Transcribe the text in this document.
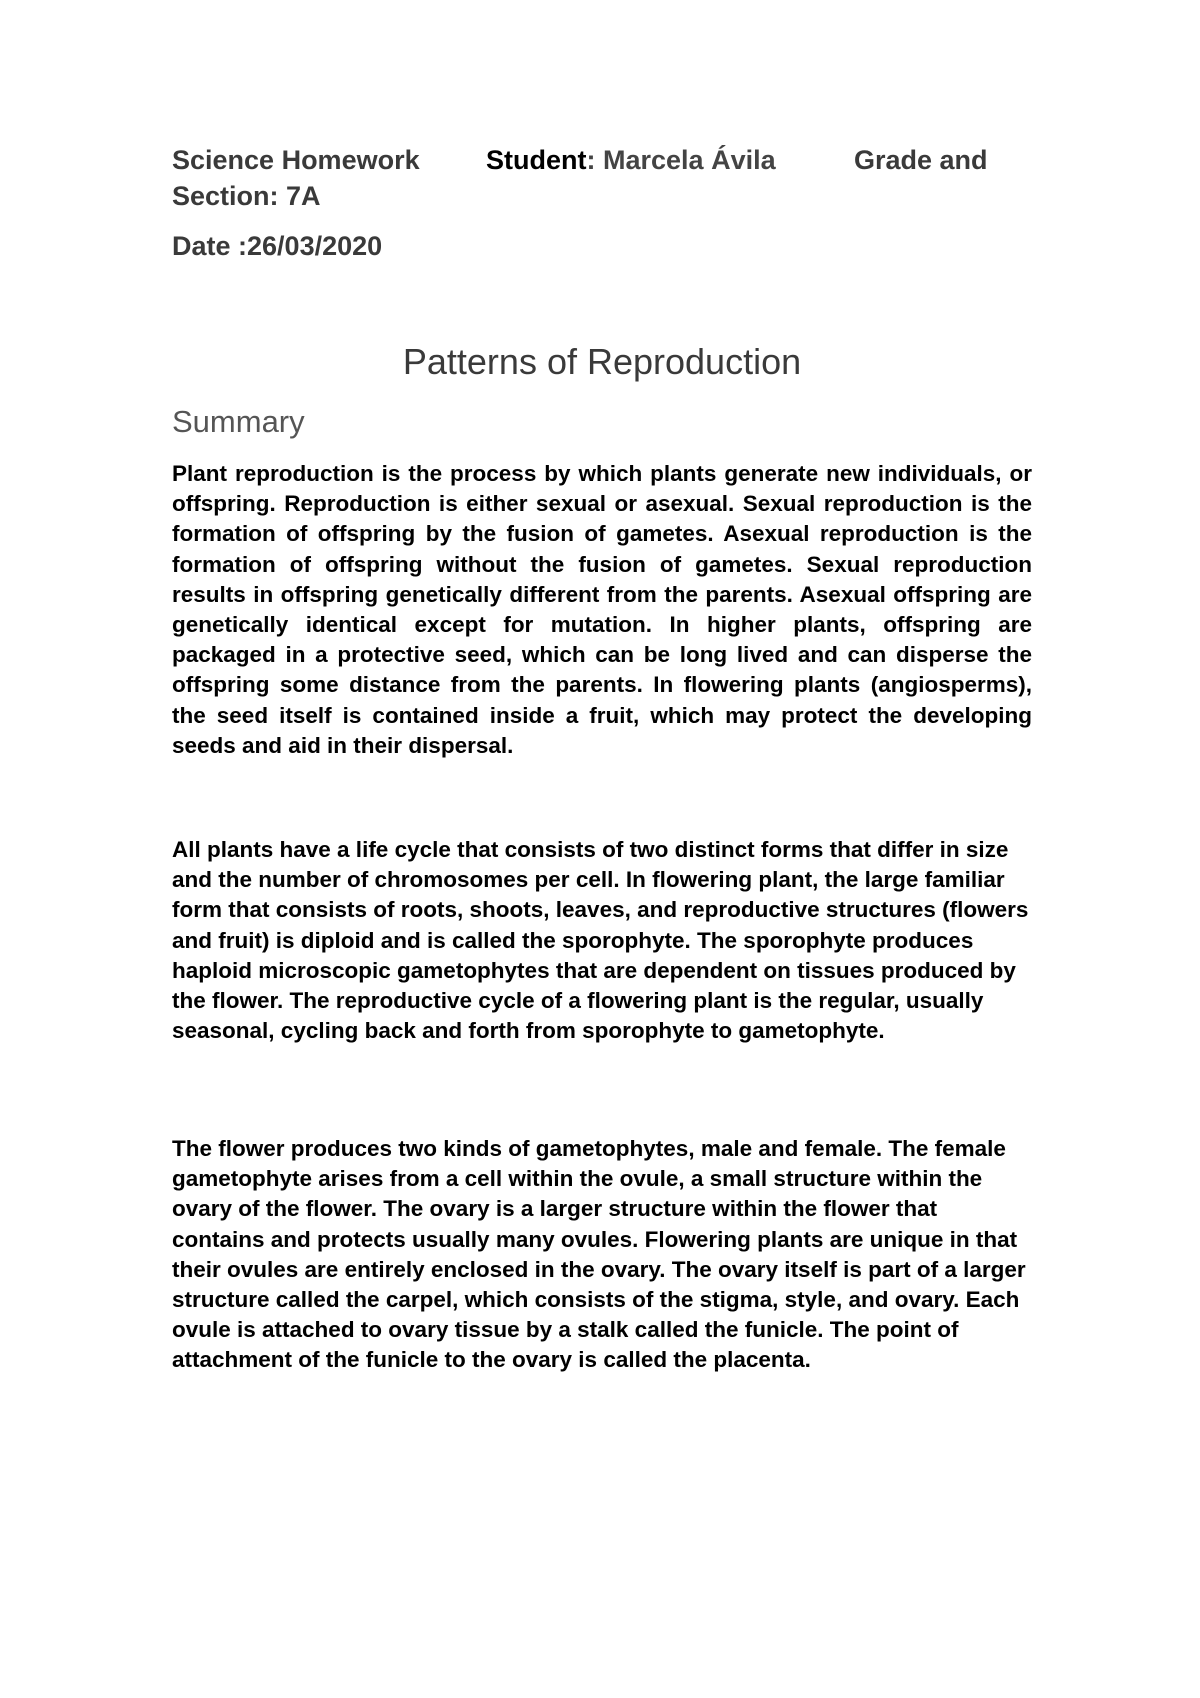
Science Homework Student: Marcela Ávila	Grade and
Section: 7A
Date :26/03/2020
Patterns of Reproduction
Summary

Plant reproduction is the process by which plants generate new individuals, or offspring. Reproduction is either sexual or asexual. Sexual reproduction is the formation of offspring by the fusion of gametes. Asexual reproduction is the formation of offspring without the fusion of gametes. Sexual reproduction results in offspring genetically different from the parents. Asexual offspring are genetically identical except for mutation. In higher plants, offspring are packaged in a protective seed, which can be long lived and can disperse the offspring some distance from the parents. In flowering plants (angiosperms), the seed itself is contained inside a fruit, which may protect the developing seeds and aid in their dispersal.

All plants have a life cycle that consists of two distinct forms that differ in size and the number of chromosomes per cell. In flowering plant, the large familiar form that consists of roots, shoots, leaves, and reproductive structures (flowers and fruit) is diploid and is called the sporophyte. The sporophyte produces haploid microscopic gametophytes that are dependent on tissues produced by the flower. The reproductive cycle of a flowering plant is the regular, usually seasonal, cycling back and forth from sporophyte to gametophyte.

The flower produces two kinds of gametophytes, male and female. The female gametophyte arises from a cell within the ovule, a small structure within the ovary of the flower. The ovary is a larger structure within the flower that contains and protects usually many ovules. Flowering plants are unique in that their ovules are entirely enclosed in the ovary. The ovary itself is part of a larger structure called the carpel, which consists of the stigma, style, and ovary. Each ovule is attached to ovary tissue by a stalk called the funicle. The point of attachment of the funicle to the ovary is called the placenta.
